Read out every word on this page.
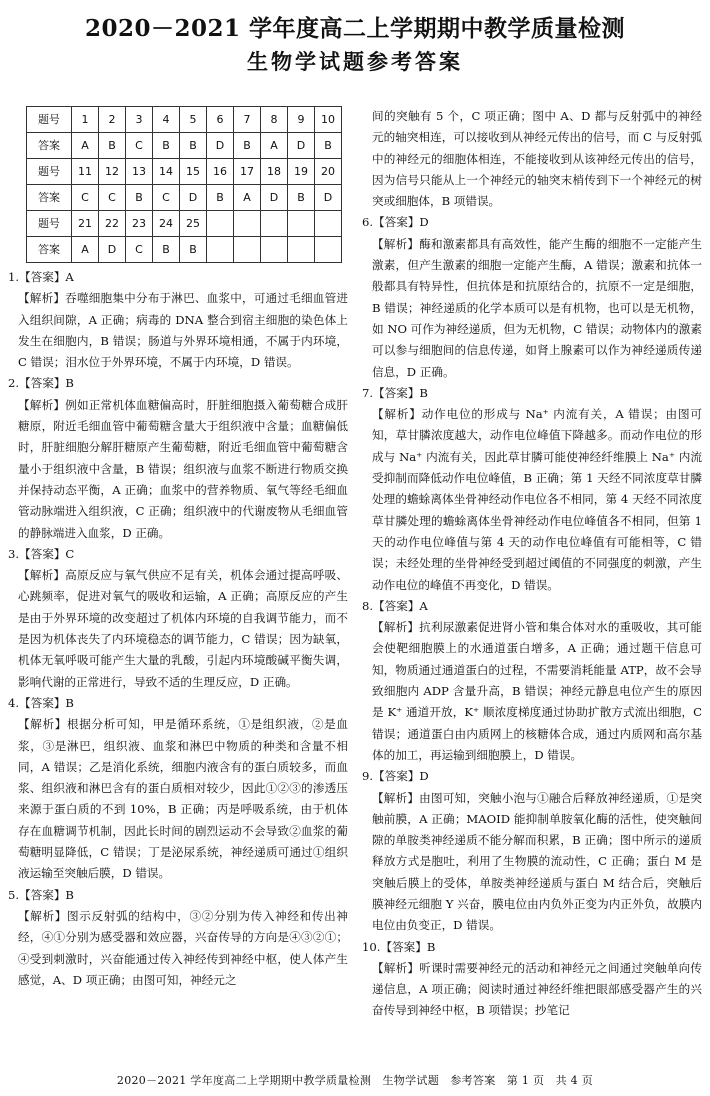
2020－2021 学年度高二上学期期中教学质量检测
生物学试题参考答案
题号	1	2	3	4	5	6	7	8	9	10
答案	A	B	C	B	B	D	B	A	D	B
题号	11	12	13	14	15	16	17	18	19	20
答案	C	C	B	C	D	B	A	D	B	D
题号	21	22	23	24	25					
答案	A	D	C	B	B					

1.【答案】A

【解析】吞噬细胞集中分布于淋巴、血浆中，可通过毛细血管进入组织间隙，A 正确；病毒的 DNA 整合到宿主细胞的染色体上发生在细胞内，B 错误；肠道与外界环境相通，不属于内环境，C 错误；泪水位于外界环境，不属于内环境，D 错误。

2.【答案】B

【解析】例如正常机体血糖偏高时，肝脏细胞摄入葡萄糖合成肝糖原，附近毛细血管中葡萄糖含量大于组织液中含量；血糖偏低时，肝脏细胞分解肝糖原产生葡萄糖，附近毛细血管中葡萄糖含量小于组织液中含量，B 错误；组织液与血浆不断进行物质交换并保持动态平衡，A 正确；血浆中的营养物质、氧气等经毛细血管动脉端进入组织液，C 正确；组织液中的代谢废物从毛细血管的静脉端进入血浆，D 正确。

3.【答案】C

【解析】高原反应与氧气供应不足有关，机体会通过提高呼吸、心跳频率，促进对氧气的吸收和运输，A 正确；高原反应的产生是由于外界环境的改变超过了机体内环境的自我调节能力，而不是因为机体丧失了内环境稳态的调节能力，C 错误；因为缺氧，机体无氧呼吸可能产生大量的乳酸，引起内环境酸碱平衡失调，影响代谢的正常进行，导致不适的生理反应，D 正确。

4.【答案】B

【解析】根据分析可知，甲是循环系统，①是组织液，②是血浆，③是淋巴，组织液、血浆和淋巴中物质的种类和含量不相同，A 错误；乙是消化系统，细胞内液含有的蛋白质较多，而血浆、组织液和淋巴含有的蛋白质相对较少，因此①②③的渗透压来源于蛋白质的不到 10%，B 正确；丙是呼吸系统，由于机体存在血糖调节机制，因此长时间的剧烈运动不会导致②血浆的葡萄糖明显降低，C 错误；丁是泌尿系统，神经递质可通过①组织液运输至突触后膜，D 错误。

5.【答案】B

【解析】图示反射弧的结构中，③②分别为传入神经和传出神经，④①分别为感受器和效应器，兴奋传导的方向是④③②①；④受到刺激时，兴奋能通过传入神经传到神经中枢，使人体产生感觉，A、D 项正确；由图可知，神经元之

间的突触有 5 个，C 项正确；图中 A、D 都与反射弧中的神经元的轴突相连，可以接收到从神经元传出的信号，而 C 与反射弧中的神经元的细胞体相连，不能接收到从该神经元传出的信号，因为信号只能从上一个神经元的轴突末梢传到下一个神经元的树突或细胞体，B 项错误。

6.【答案】D

【解析】酶和激素都具有高效性，能产生酶的细胞不一定能产生激素，但产生激素的细胞一定能产生酶，A 错误；激素和抗体一般都具有特异性，但抗体是和抗原结合的，抗原不一定是细胞，B 错误；神经递质的化学本质可以是有机物，也可以是无机物，如 NO 可作为神经递质，但为无机物，C 错误；动物体内的激素可以参与细胞间的信息传递，如肾上腺素可以作为神经递质传递信息，D 正确。

7.【答案】B

【解析】动作电位的形成与 Na⁺ 内流有关，A 错误；由图可知，草甘膦浓度越大，动作电位峰值下降越多。而动作电位的形成与 Na⁺ 内流有关，因此草甘膦可能使神经纤维膜上 Na⁺ 内流受抑制而降低动作电位峰值，B 正确；第 1 天经不同浓度草甘膦处理的蟾蜍离体坐骨神经动作电位各不相同，第 4 天经不同浓度草甘膦处理的蟾蜍离体坐骨神经动作电位峰值各不相同，但第 1 天的动作电位峰值与第 4 天的动作电位峰值有可能相等，C 错误；未经处理的坐骨神经受到超过阈值的不同强度的刺激，产生动作电位的峰值不再变化，D 错误。

8.【答案】A

【解析】抗利尿激素促进肾小管和集合体对水的重吸收，其可能会使靶细胞膜上的水通道蛋白增多，A 正确；通过题干信息可知，物质通过通道蛋白的过程，不需要消耗能量 ATP，故不会导致细胞内 ADP 含量升高，B 错误；神经元静息电位产生的原因是 K⁺ 通道开放，K⁺ 顺浓度梯度通过协助扩散方式流出细胞，C 错误；通道蛋白由内质网上的核糖体合成，通过内质网和高尔基体的加工，再运输到细胞膜上，D 错误。

9.【答案】D

【解析】由图可知，突触小泡与①融合后释放神经递质，①是突触前膜，A 正确；MAOID 能抑制单胺氧化酶的活性，使突触间隙的单胺类神经递质不能分解而积累，B 正确；图中所示的递质释放方式是胞吐，利用了生物膜的流动性，C 正确；蛋白 M 是突触后膜上的受体，单胺类神经递质与蛋白 M 结合后，突触后膜神经元细胞 Y 兴奋，膜电位由内负外正变为内正外负，故膜内电位由负变正，D 错误。

10.【答案】B

【解析】听课时需要神经元的活动和神经元之间通过突触单向传递信息，A 项正确；阅读时通过神经纤维把眼部感受器产生的兴奋传导到神经中枢，B 项错误；抄笔记

2020－2021 学年度高二上学期期中教学质量检测　生物学试题　参考答案　第 1 页　共 4 页
